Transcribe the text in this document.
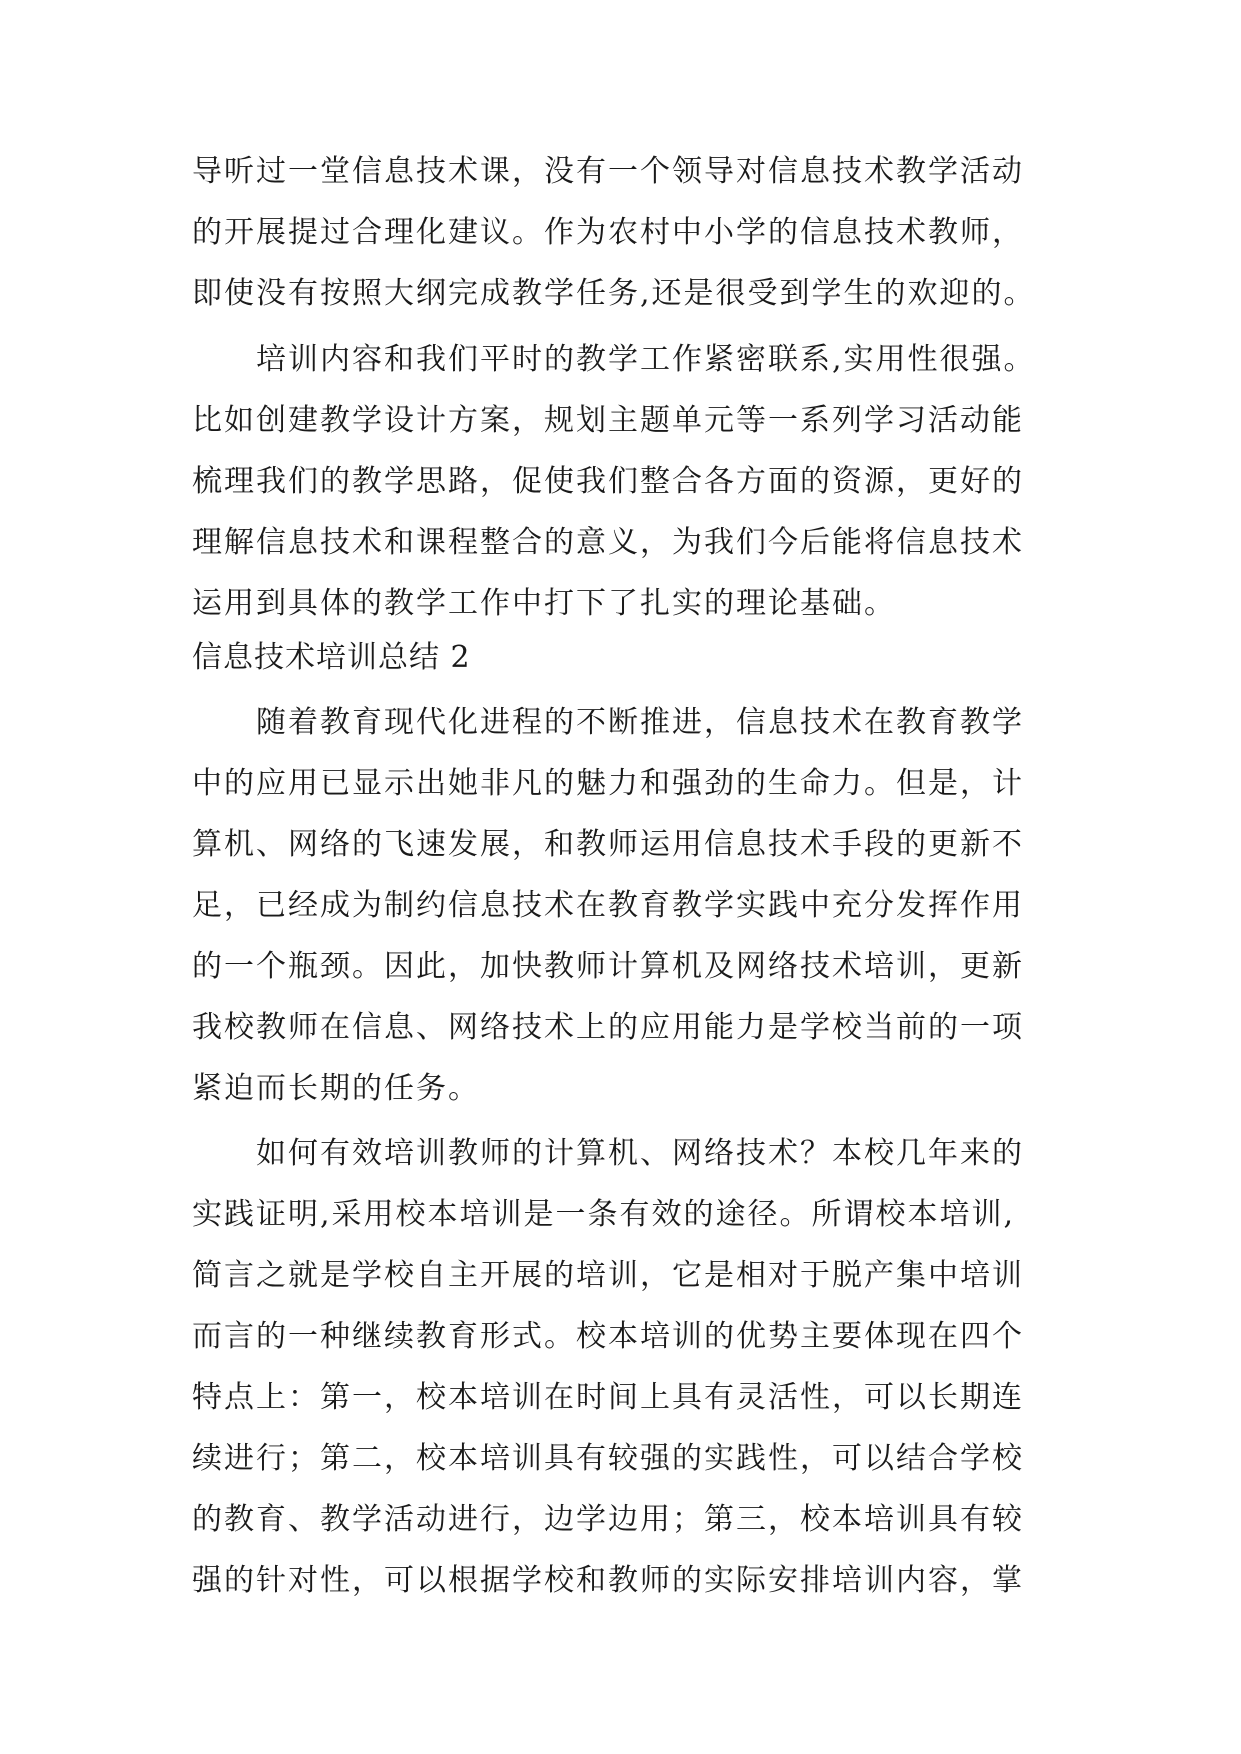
导听过一堂信息技术课，没有一个领导对信息技术教学活动
的开展提过合理化建议。作为农村中小学的信息技术教师，
即使没有按照大纲完成教学任务,还是很受到学生的欢迎的。
培训内容和我们平时的教学工作紧密联系,实用性很强。
比如创建教学设计方案，规划主题单元等一系列学习活动能
梳理我们的教学思路，促使我们整合各方面的资源，更好的
理解信息技术和课程整合的意义，为我们今后能将信息技术
运用到具体的教学工作中打下了扎实的理论基础。
信息技术培训总结 2
随着教育现代化进程的不断推进，信息技术在教育教学
中的应用已显示出她非凡的魅力和强劲的生命力。但是，计
算机、网络的飞速发展，和教师运用信息技术手段的更新不
足，已经成为制约信息技术在教育教学实践中充分发挥作用
的一个瓶颈。因此，加快教师计算机及网络技术培训，更新
我校教师在信息、网络技术上的应用能力是学校当前的一项
紧迫而长期的任务。
如何有效培训教师的计算机、网络技术？本校几年来的
实践证明,采用校本培训是一条有效的途径。所谓校本培训,
简言之就是学校自主开展的培训，它是相对于脱产集中培训
而言的一种继续教育形式。校本培训的优势主要体现在四个
特点上：第一，校本培训在时间上具有灵活性，可以长期连
续进行；第二，校本培训具有较强的实践性，可以结合学校
的教育、教学活动进行，边学边用；第三，校本培训具有较
强的针对性，可以根据学校和教师的实际安排培训内容，掌
